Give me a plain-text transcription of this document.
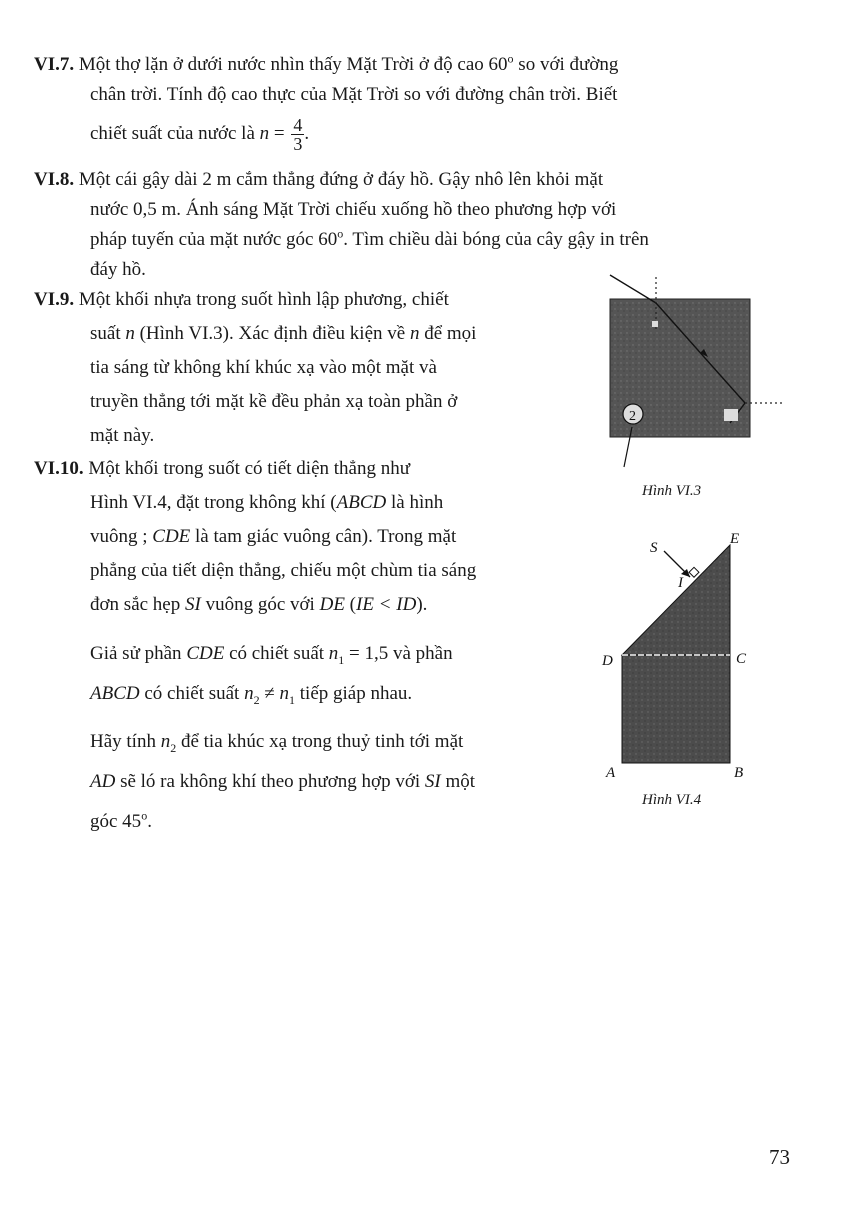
VI.7. Một thợ lặn ở dưới nước nhìn thấy Mặt Trời ở độ cao 60$^o$ so với đường
chân trời. Tính độ cao thực của Mặt Trời so với đường chân trời. Biết
chiết suất của nước là $n = \frac{4}{3}$ .
VI.8. Một cái gậy dài 2 m cắm thẳng đứng ở đáy hồ. Gậy nhô lên khỏi mặt
nước 0,5 m. Ánh sáng Mặt Trời chiếu xuống hồ theo phương hợp với
pháp tuyến của mặt nước góc 60$^o$. Tìm chiều dài bóng của cây gậy in trên
đáy hồ.
VI.9. Một khối nhựa trong suốt hình lập phương, chiết
suất n (Hình VI.3). Xác định điều kiện về n để mọi
tia sáng từ không khí khúc xạ vào một mặt và
truyền thẳng tới mặt kề đều phản xạ toàn phần ở
mặt này.
VI.10. Một khối trong suốt có tiết diện thẳng như
Hình VI.4, đặt trong không khí (ABCD là hình
vuông ; CDE là tam giác vuông cân). Trong mặt
phẳng của tiết diện thẳng, chiếu một chùm tia sáng
đơn sắc hẹp SI vuông góc với DE (IE < ID).
Giả sử phần CDE có chiết suất $n_1 = 1,5$ và phần
ABCD có chiết suất $n_2 \ne n_1$ tiếp giáp nhau.
Hãy tính $n_2$ để tia khúc xạ trong thuỷ tinh tới mặt
AD sẽ ló ra không khí theo phương hợp với SI một
góc 45$^o$.
2
Hình VI.3
S
E
I
D	C
A	B
Hình VI.4
73
